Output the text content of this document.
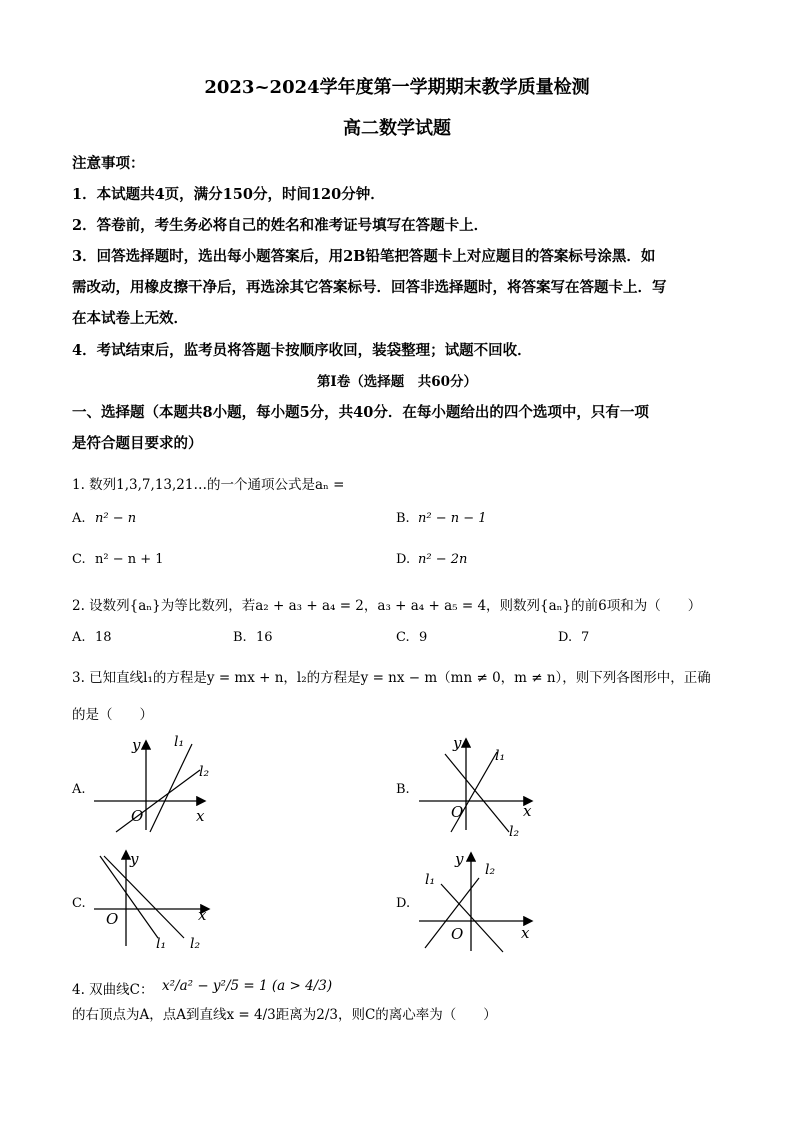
2023~2024学年度第一学期期末教学质量检测
高二数学试题
注意事项：
1．本试题共4页，满分150分，时间120分钟．
2．答卷前，考生务必将自己的姓名和准考证号填写在答题卡上．
3．回答选择题时，选出每小题答案后，用2B铅笔把答题卡上对应题目的答案标号涂黑．如
需改动，用橡皮擦干净后，再选涂其它答案标号．回答非选择题时，将答案写在答题卡上．写
在本试卷上无效．
4．考试结束后，监考员将答题卡按顺序收回，装袋整理；试题不回收．
第Ⅰ卷（选择题　共60分）
一、选择题（本题共8小题，每小题5分，共40分．在每小题给出的四个选项中，只有一项
是符合题目要求的）
1. 数列1,3,7,13,21…的一个通项公式是aₙ =
A. n² − n	B. n² − n − 1
C. n² − n + 1	D. n² − 2n
2. 设数列{aₙ}为等比数列，若a₂ + a₃ + a₄ = 2，a₃ + a₄ + a₅ = 4，则数列{aₙ}的前6项和为（　　）
A. 18	B. 16	C. 9	D. 7
3. 已知直线l₁的方程是y = mx + n，l₂的方程是y = nx − m（mn ≠ 0，m ≠ n），则下列各图形中，正确
的是（　　）
A.	B.
C.	D.
y
x
O
l₁
l₂
y
x
O
l₁
l₂
y
x
O
l₁ l₂
y
x
O
l₁
l₂
4. 双曲线C： x²/a² − y²/5 = 1 (a > 4/3)
的右顶点为A，点A到直线x = 4/3距离为2/3，则C的离心率为（　　）
